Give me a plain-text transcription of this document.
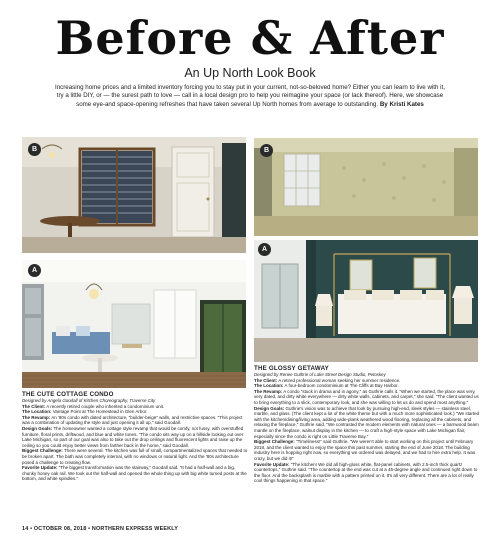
Before & After
An Up North Look Book
Increasing home prices and a limited inventory forcing you to stay put in your current, not-so-beloved home? Either you can learn to live with it, try a little DIY, or — the surest path to love — call in a local design pro to help you reimagine your space (or lack thereof). Here, we showcase some eye-and space-opening refreshes that have taken several Up North homes from average to outstanding. By Kristi Kates
B
A
B
A
THE CUTE COTTAGE CONDO
Designed by Angela Goodall of Kitchen Choreography, Traverse City
The Client: A recently retired couple who inherited a condominium unit.
The Location: Vantage Point at The Homestead in Glen Arbor.
The Revamp: An '80s condo with dated architecture, "builder-beige" walls, and restrictive spaces. "This project was a combination of updating the style and just opening it all up," said Goodall.
Design Goals: The homeowner wanted a cottage style revamp that would be comfy, not fussy, with overstuffed furniture, floral prints, driftwood, and blue and white tones. "The condo sits way up on a hillside looking out over Lake Michigan, so part of our goal was also to take out the drop ceilings and fluorescent lights and raise up the ceiling so you could enjoy better views from farther back in the home," said Goodall.
Biggest Challenge: There were several. The kitchen was full of small, compartmentalized spaces that needed to be broken apart. The bath was completely internal, with no windows or natural light. And the '80s architecture posed a challenge to creating flow.
Favorite Update: "The biggest transformation was the stairway," Goodall said. "It had a half-wall and a big, chunky honey oak rail. We took out the half-wall and opened the whole thing up with big white turned posts at the bottom, and white spindles."
THE GLOSSY GETAWAY
Designed by Renee Guthrie of Lake Street Design Studio, Petoskey
The Client: A retired professional woman seeking her summer residence.
The Location: A four-bedroom condominium at The Cliffs at Bay Harbor.
The Revamp: A condo "stuck in drama and in agony," as Guthrie calls it. "When we started, the place was very, very dated, and dirty white everywhere — dirty white walls, cabinets, and carpet," she said. "The client wanted us to bring everything to a slick, contemporary look, and she was willing to let us do and spend most anything."
Design Goals: Guthrie's vision was to achieve that look by pursuing high-end, sleek styles — stainless steel, marble, and glass. (The client kept a lot of the white theme but with a much more sophisticated look.) "We started with the kitchen/dining/living area, adding wide-plank weathered wood flooring, replacing all the cabinets, and relaxing the fireplace," Guthrie said. "We contrasted the modern elements with natural ones — a barnwood beam mantle on the fireplace, walnut display in the kitchen — to craft a high-style space with Lake Michigan flair, especially since the condo is right on Little Traverse Bay."
Biggest Challenge: "Timeliness!" said Guthrie. "We weren't able to start working on this project until February 2018, and the client wanted to enjoy the space this past summer, starting the end of June 2018. The building industry here is hopping right now, so everything we ordered was delayed, and we had to hire extra help. It was crazy, but we did it!"
Favorite Update: "The kitchen! We did all high-gloss white, flat-panel cabinets, with 2.5-inch thick quartz countertops," Guthrie said. "The countertop at the end was cut at a 45-degree angle and continued right down to the floor. And the backsplash is marble with a pattern printed on it. It's all very different. There are a lot of really cool things happening in that space."
14 • OCTOBER 08, 2018 • NORTHERN EXPRESS WEEKLY
